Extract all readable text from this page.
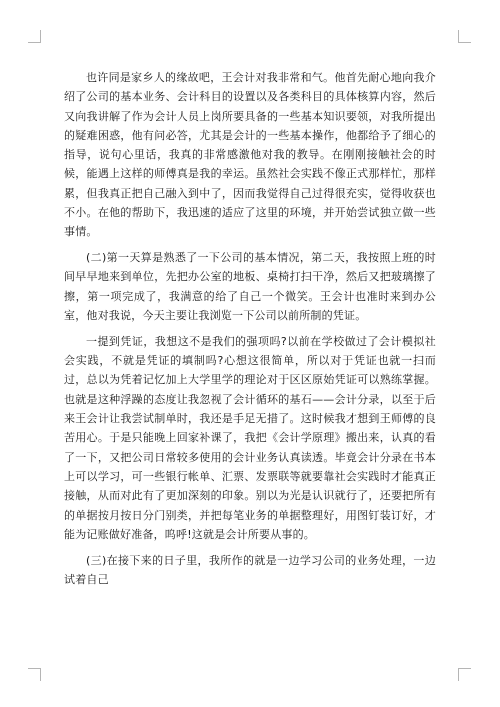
也许同是家乡人的缘故吧，王会计对我非常和气。他首先耐心地向我介绍了公司的基本业务、会计科目的设置以及各类科目的具体核算内容，然后又向我讲解了作为会计人员上岗所要具备的一些基本知识要领，对我所提出的疑难困惑，他有问必答，尤其是会计的一些基本操作，他都给予了细心的指导，说句心里话，我真的非常感激他对我的教导。在刚刚接触社会的时候，能遇上这样的师傅真是我的幸运。虽然社会实践不像正式那样忙，那样累，但我真正把自己融入到中了，因而我觉得自己过得很充实，觉得收获也不小。在他的帮助下，我迅速的适应了这里的环境，并开始尝试独立做一些事情。

(二)第一天算是熟悉了一下公司的基本情况，第二天，我按照上班的时间早早地来到单位，先把办公室的地板、桌椅打扫干净，然后又把玻璃擦了擦，第一项完成了，我满意的给了自己一个微笑。王会计也准时来到办公室，他对我说，今天主要让我浏览一下公司以前所制的凭证。

一提到凭证，我想这不是我们的强项吗?以前在学校做过了会计模拟社会实践，不就是凭证的填制吗?心想这很简单，所以对于凭证也就一扫而过，总以为凭着记忆加上大学里学的理论对于区区原始凭证可以熟练掌握。也就是这种浮躁的态度让我忽视了会计循环的基石——会计分录，以至于后来王会计让我尝试制单时，我还是手足无措了。这时候我才想到王师傅的良苦用心。于是只能晚上回家补课了，我把《会计学原理》搬出来，认真的看了一下，又把公司日常较多使用的会计业务认真读透。毕竟会计分录在书本上可以学习，可一些银行帐单、汇票、发票联等就要靠社会实践时才能真正接触，从而对此有了更加深刻的印象。别以为光是认识就行了，还要把所有的单据按月按日分门别类，并把每笔业务的单据整理好，用图钉装订好，才能为记账做好准备，呜呼!这就是会计所要从事的。

(三)在接下来的日子里，我所作的就是一边学习公司的业务处理，一边试着自己
